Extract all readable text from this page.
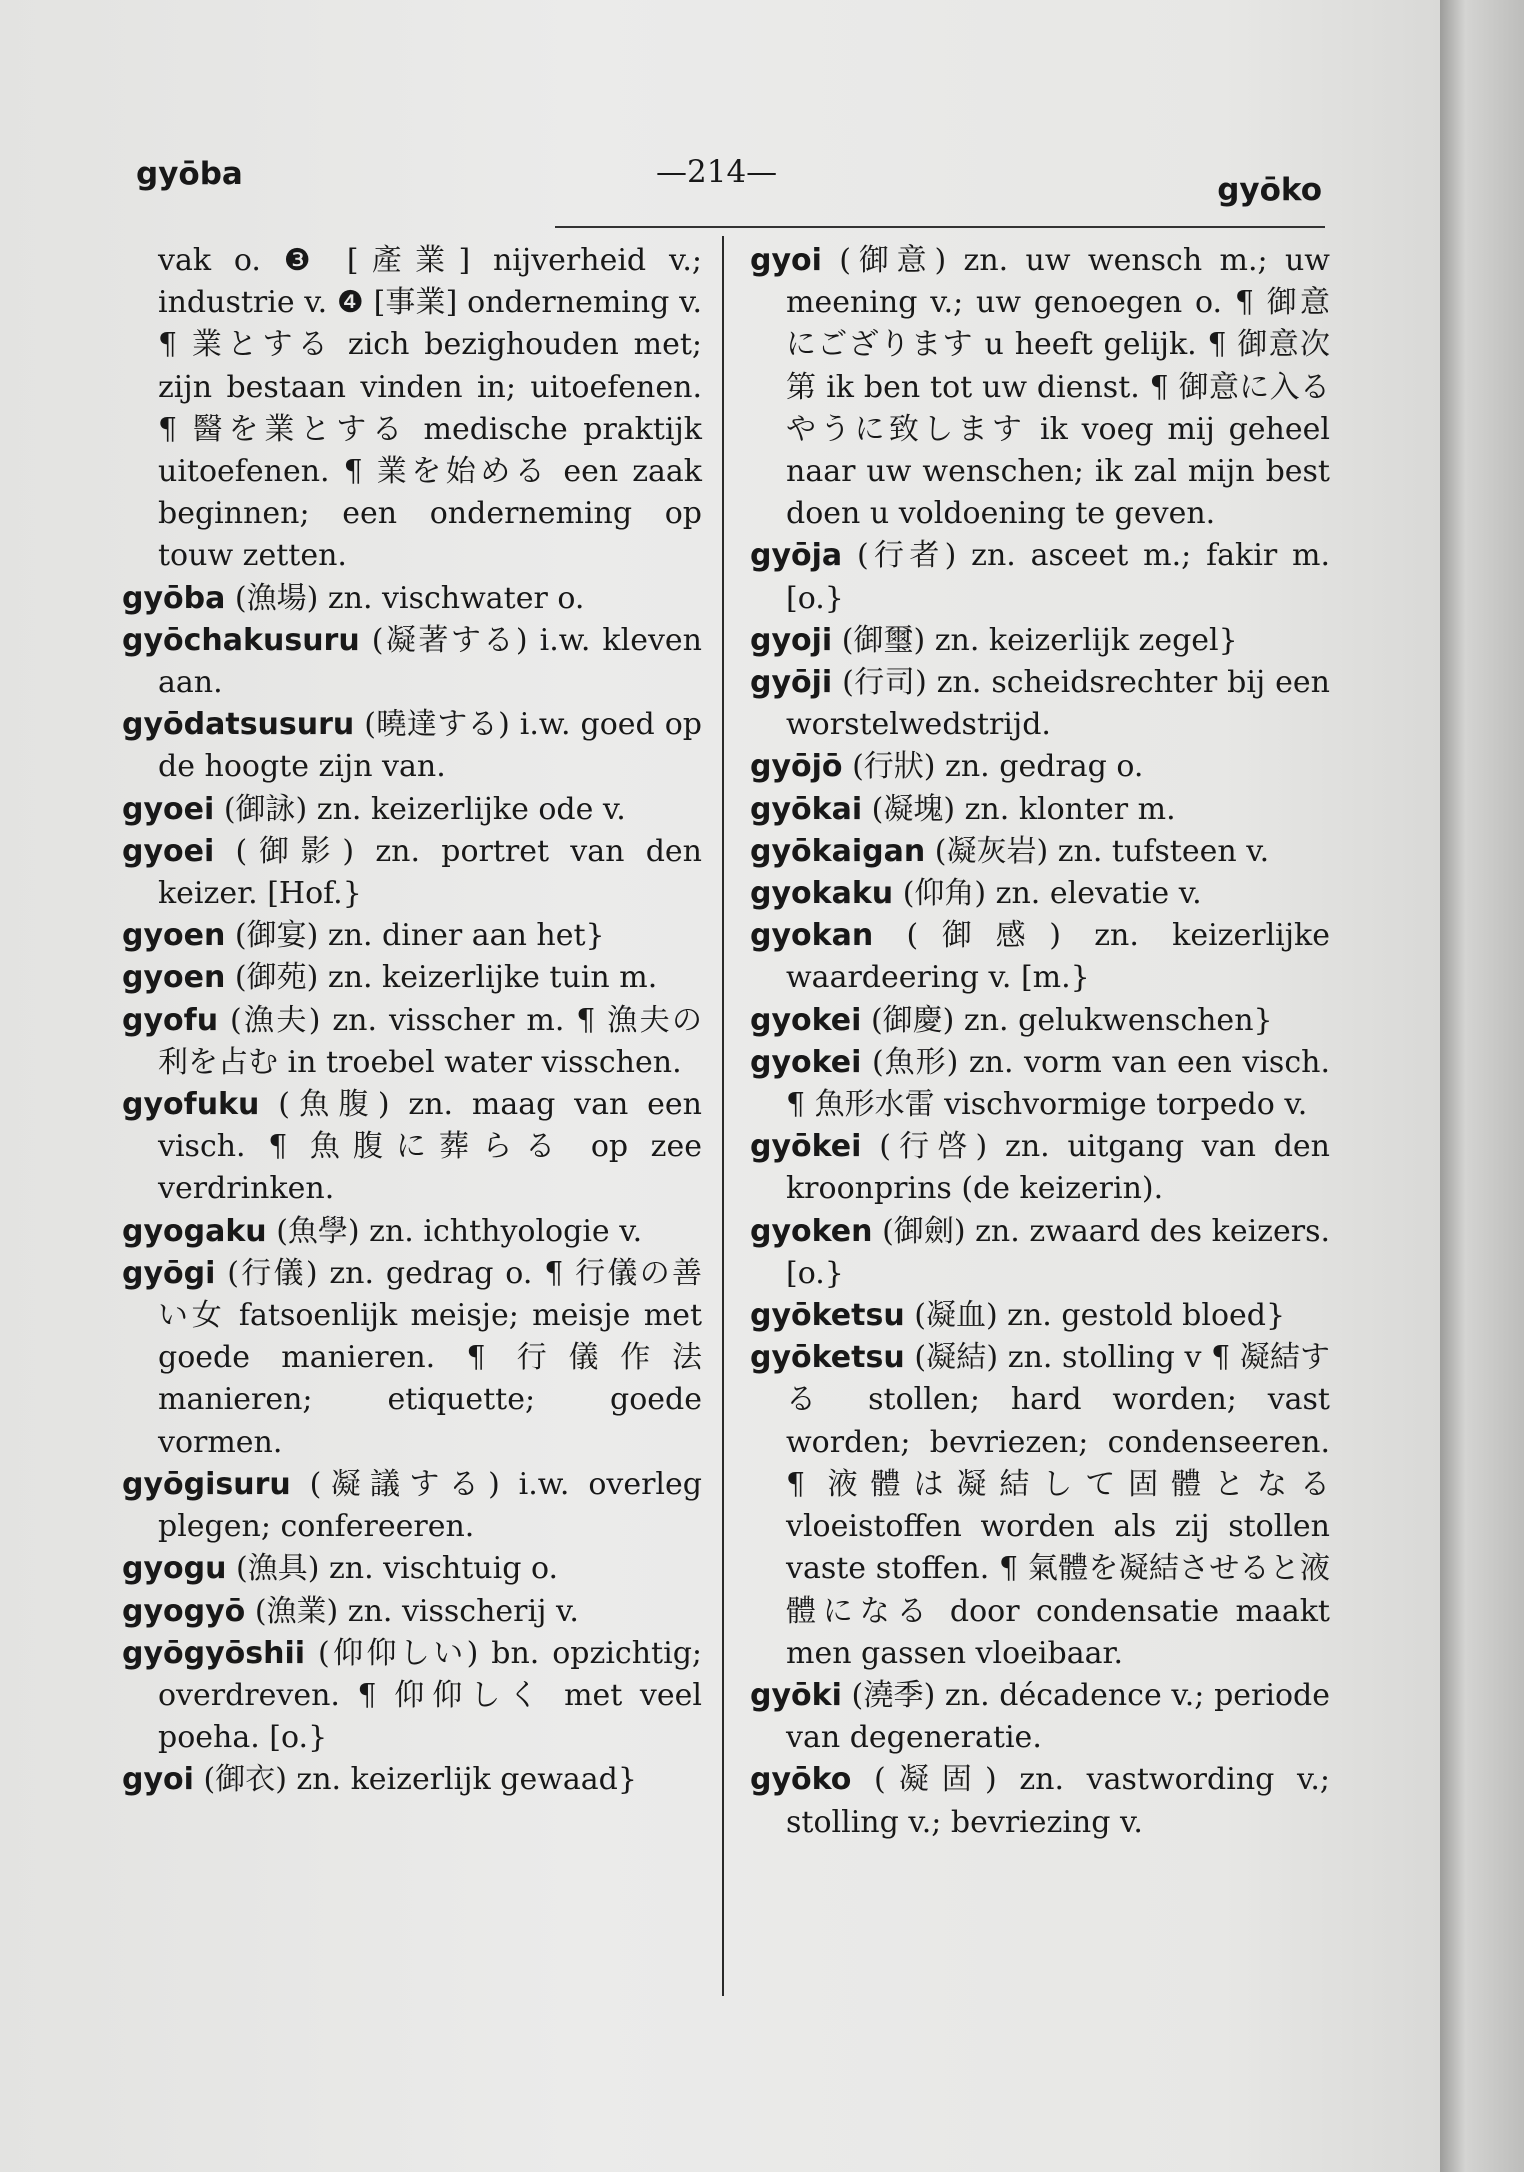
gyōba	—214—	gyōko

vak o. ❸ [產業] nijverheid v.; industrie v. ❹ [事業] onderneming v. ¶ 業とする zich bezighouden met; zijn bestaan vinden in; uitoefenen. ¶ 醫を業とする medische praktijk uitoefenen. ¶ 業を始める een zaak beginnen; een onderneming op touw zetten.

gyōba (漁場) zn. vischwater o.

gyōchakusuru (凝著する) i.w. kleven aan.

gyōdatsusuru (曉達する) i.w. goed op de hoogte zijn van.

gyoei (御詠) zn. keizerlijke ode v.

gyoei (御影) zn. portret van den keizer. [Hof.}

gyoen (御宴) zn. diner aan het}

gyoen (御苑) zn. keizerlijke tuin m.

gyofu (漁夫) zn. visscher m. ¶ 漁夫の利を占む in troebel water visschen.

gyofuku (魚腹) zn. maag van een visch. ¶ 魚腹に葬らる op zee verdrinken.

gyogaku (魚學) zn. ichthyologie v.

gyōgi (行儀) zn. gedrag o. ¶ 行儀の善い女 fatsoenlijk meisje; meisje met goede manieren. ¶ 行儀作法 manieren; etiquette; goede vormen.

gyōgisuru (凝議する) i.w. overleg plegen; confereeren.

gyogu (漁具) zn. vischtuig o.

gyogyō (漁業) zn. visscherij v.

gyōgyōshii (仰仰しい) bn. opzichtig; overdreven. ¶ 仰仰しく met veel poeha. [o.}

gyoi (御衣) zn. keizerlijk gewaad}

gyoi (御意) zn. uw wensch m.; uw meening v.; uw genoegen o. ¶ 御意にござります u heeft gelijk. ¶ 御意次第 ik ben tot uw dienst. ¶ 御意に入るやうに致します ik voeg mij geheel naar uw wenschen; ik zal mijn best doen u voldoening te geven.

gyōja (行者) zn. asceet m.; fakir m. [o.}

gyoji (御璽) zn. keizerlijk zegel}

gyōji (行司) zn. scheidsrechter bij een worstelwedstrijd.

gyōjō (行狀) zn. gedrag o.

gyōkai (凝塊) zn. klonter m.

gyōkaigan (凝灰岩) zn. tufsteen v.

gyokaku (仰角) zn. elevatie v.

gyokan (御感) zn. keizerlijke waardeering v. [m.}

gyokei (御慶) zn. gelukwenschen}

gyokei (魚形) zn. vorm van een visch. ¶ 魚形水雷 vischvormige torpedo v.

gyōkei (行啓) zn. uitgang van den kroonprins (de keizerin).

gyoken (御劍) zn. zwaard des keizers. [o.}

gyōketsu (凝血) zn. gestold bloed}

gyōketsu (凝結) zn. stolling v ¶ 凝結する stollen; hard worden; vast worden; bevriezen; condenseeren. ¶ 液體は凝結して固體となる vloeistoffen worden als zij stollen vaste stoffen. ¶ 氣體を凝結させると液體になる door condensatie maakt men gassen vloeibaar.

gyōki (澆季) zn. décadence v.; periode van degeneratie.

gyōko (凝固) zn. vastwording v.; stolling v.; bevriezing v.
